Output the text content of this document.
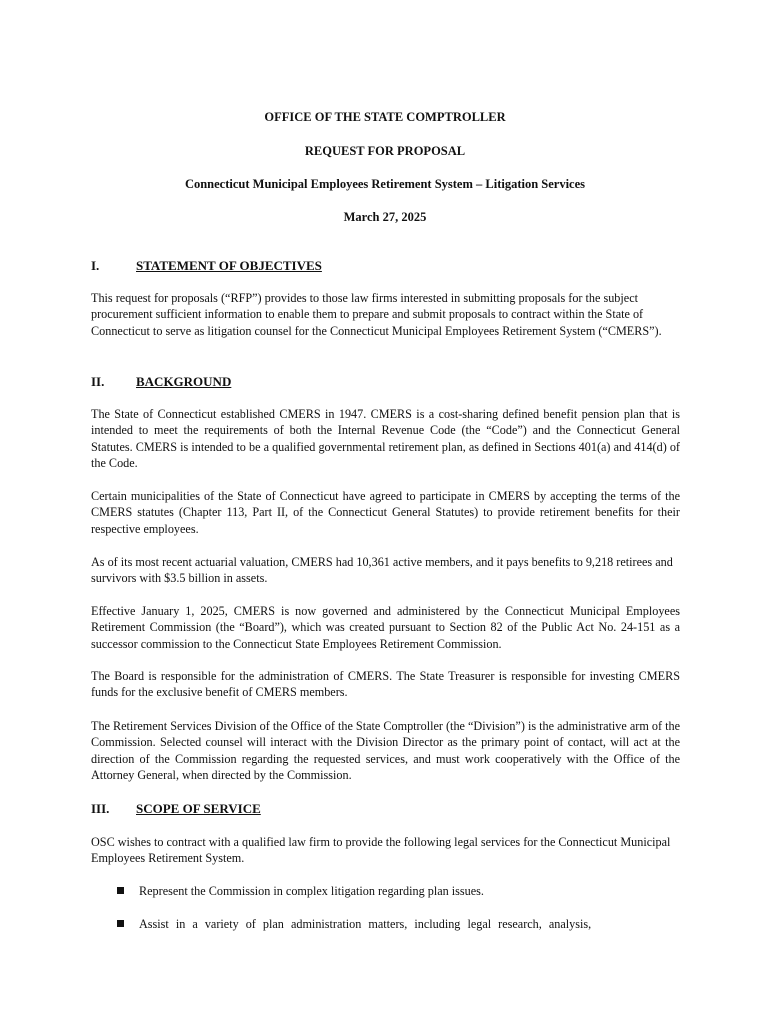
OFFICE OF THE STATE COMPTROLLER
REQUEST FOR PROPOSAL
Connecticut Municipal Employees Retirement System – Litigation Services
March 27, 2025
I.	STATEMENT OF OBJECTIVES
This request for proposals (“RFP”) provides to those law firms interested in submitting proposals for the subject procurement sufficient information to enable them to prepare and submit proposals to contract within the State of Connecticut to serve as litigation counsel for the Connecticut Municipal Employees Retirement System (“CMERS”).
II. BACKGROUND
The State of Connecticut established CMERS in 1947. CMERS is a cost-sharing defined benefit pension plan that is intended to meet the requirements of both the Internal Revenue Code (the “Code”) and the Connecticut General Statutes. CMERS is intended to be a qualified governmental retirement plan, as defined in Sections 401(a) and 414(d) of the Code.
Certain municipalities of the State of Connecticut have agreed to participate in CMERS by accepting the terms of the CMERS statutes (Chapter 113, Part II, of the Connecticut General Statutes) to provide retirement benefits for their respective employees.
As of its most recent actuarial valuation, CMERS had 10,361 active members, and it pays benefits to 9,218 retirees and survivors with $3.5 billion in assets.
Effective January 1, 2025, CMERS is now governed and administered by the Connecticut Municipal Employees Retirement Commission (the “Board”), which was created pursuant to Section 82 of the Public Act No. 24-151 as a successor commission to the Connecticut State Employees Retirement Commission.
The Board is responsible for the administration of CMERS. The State Treasurer is responsible for investing CMERS funds for the exclusive benefit of CMERS members.
The Retirement Services Division of the Office of the State Comptroller (the “Division”) is the administrative arm of the Commission. Selected counsel will interact with the Division Director as the primary point of contact, will act at the direction of the Commission regarding the requested services, and must work cooperatively with the Office of the Attorney General, when directed by the Commission.
III. SCOPE OF SERVICE
OSC wishes to contract with a qualified law firm to provide the following legal services for the Connecticut Municipal Employees Retirement System.
Represent the Commission in complex litigation regarding plan issues.
Assist in a variety of plan administration matters, including legal research, analysis,
